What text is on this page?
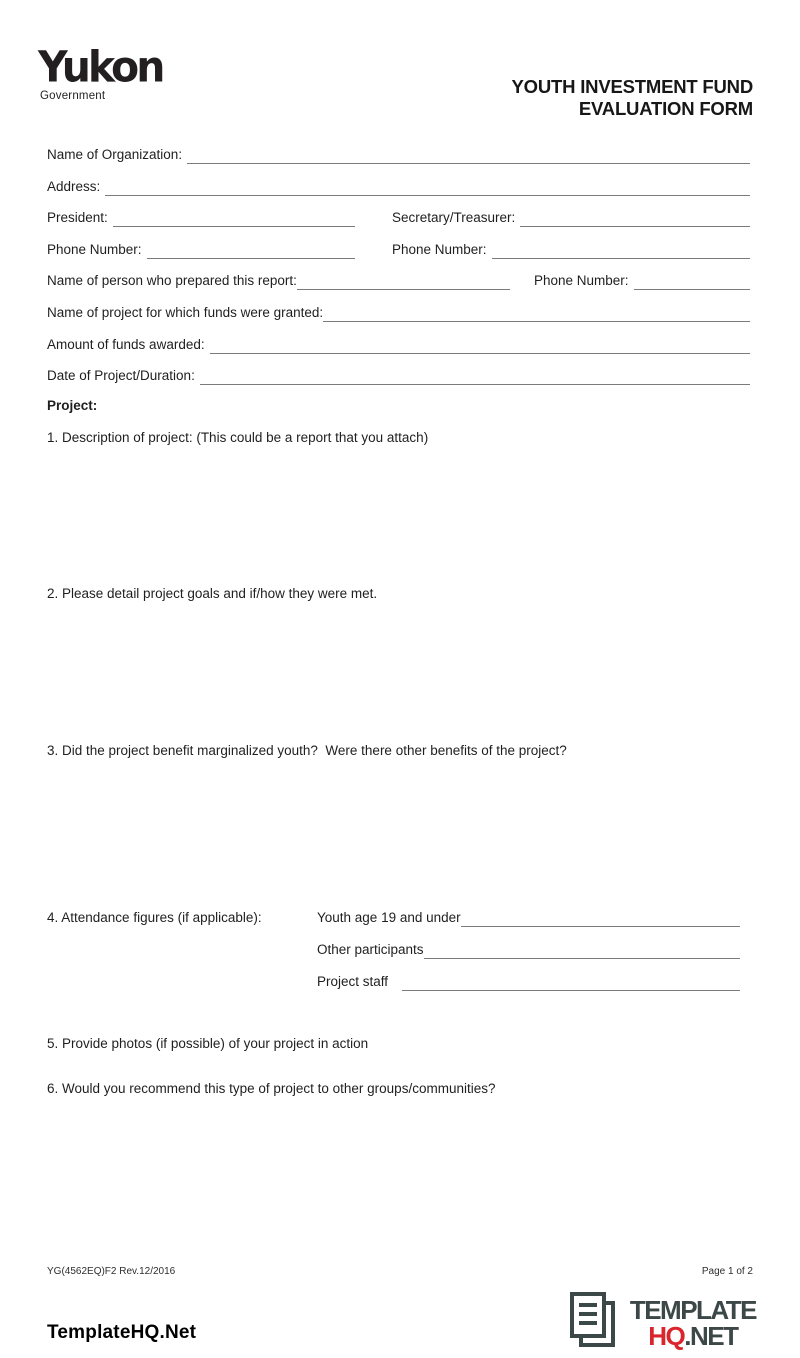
Yukon
Government	YOUTH INVESTMENT FUND
EVALUATION FORM
Name of Organization:
Address:
President:	Secretary/Treasurer:
Phone Number:	Phone Number:
Name of person who prepared this report:	Phone Number:
Name of project for which funds were granted:
Amount of funds awarded:
Date of Project/Duration:
Project:
1. Description of project: (This could be a report that you attach)
2. Please detail project goals and if/how they were met.
3. Did the project benefit marginalized youth?  Were there other benefits of the project?
4. Attendance figures (if applicable):	Youth age 19 and under
Other participants
Project staff
5. Provide photos (if possible) of your project in action
6. Would you recommend this type of project to other groups/communities?
YG(4562EQ)F2 Rev.12/2016	Page 1 of 2
TemplateHQ.Net
TEMPLATE
HQ.NET
